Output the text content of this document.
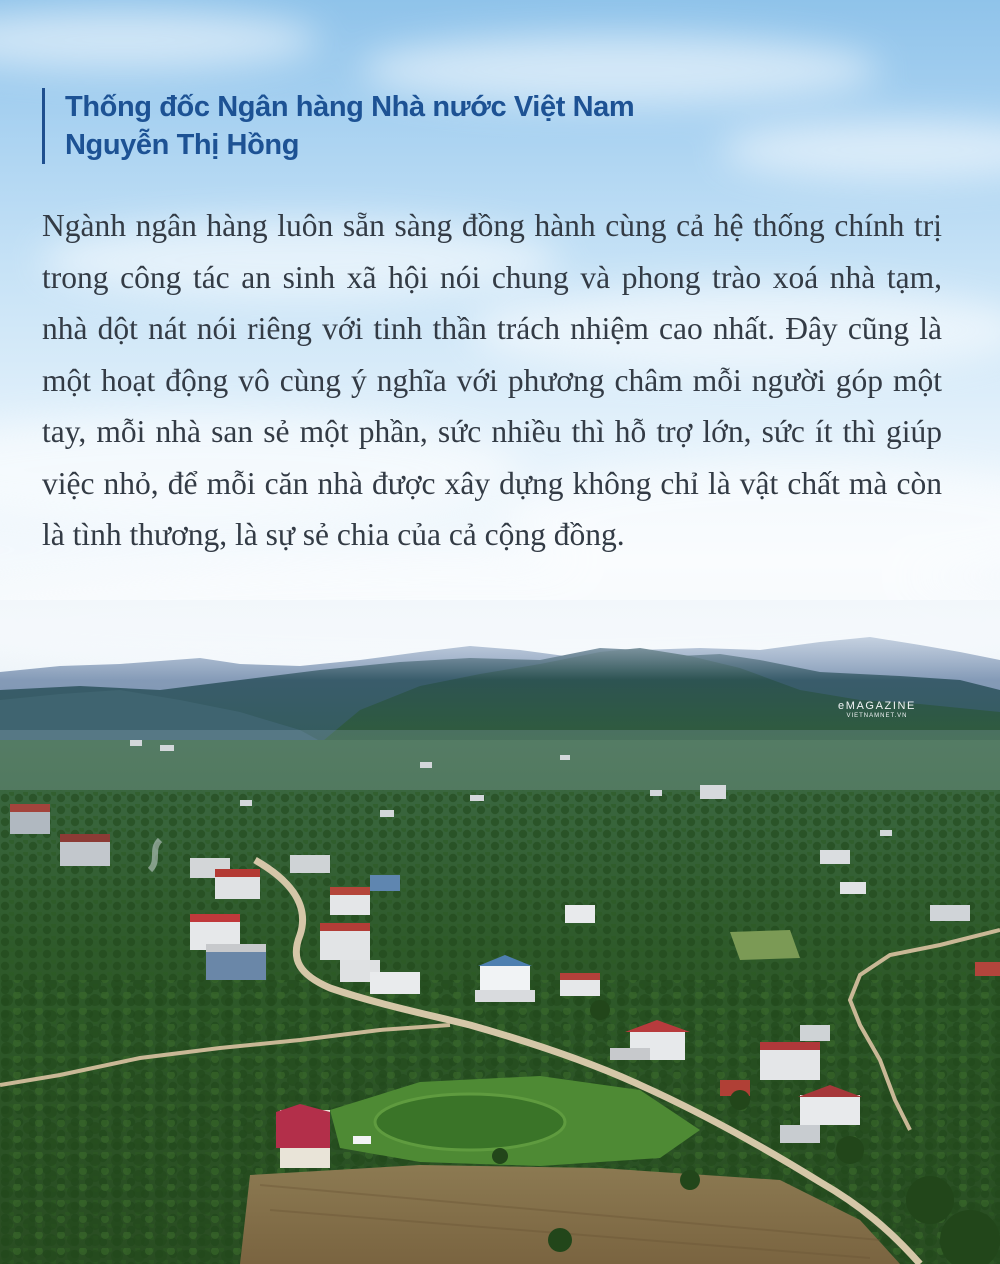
Thống đốc Ngân hàng Nhà nước Việt Nam
Nguyễn Thị Hồng

Ngành ngân hàng luôn sẵn sàng đồng hành cùng cả hệ thống chính trị trong công tác an sinh xã hội nói chung và phong trào xoá nhà tạm, nhà dột nát nói riêng với tinh thần trách nhiệm cao nhất. Đây cũng là một hoạt động vô cùng ý nghĩa với phương châm mỗi người góp một tay, mỗi nhà san sẻ một phần, sức nhiều thì hỗ trợ lớn, sức ít thì giúp việc nhỏ, để mỗi căn nhà được xây dựng không chỉ là vật chất mà còn là tình thương, là sự sẻ chia của cả cộng đồng.

eMAGAZINE
VIETNAMNET.VN
